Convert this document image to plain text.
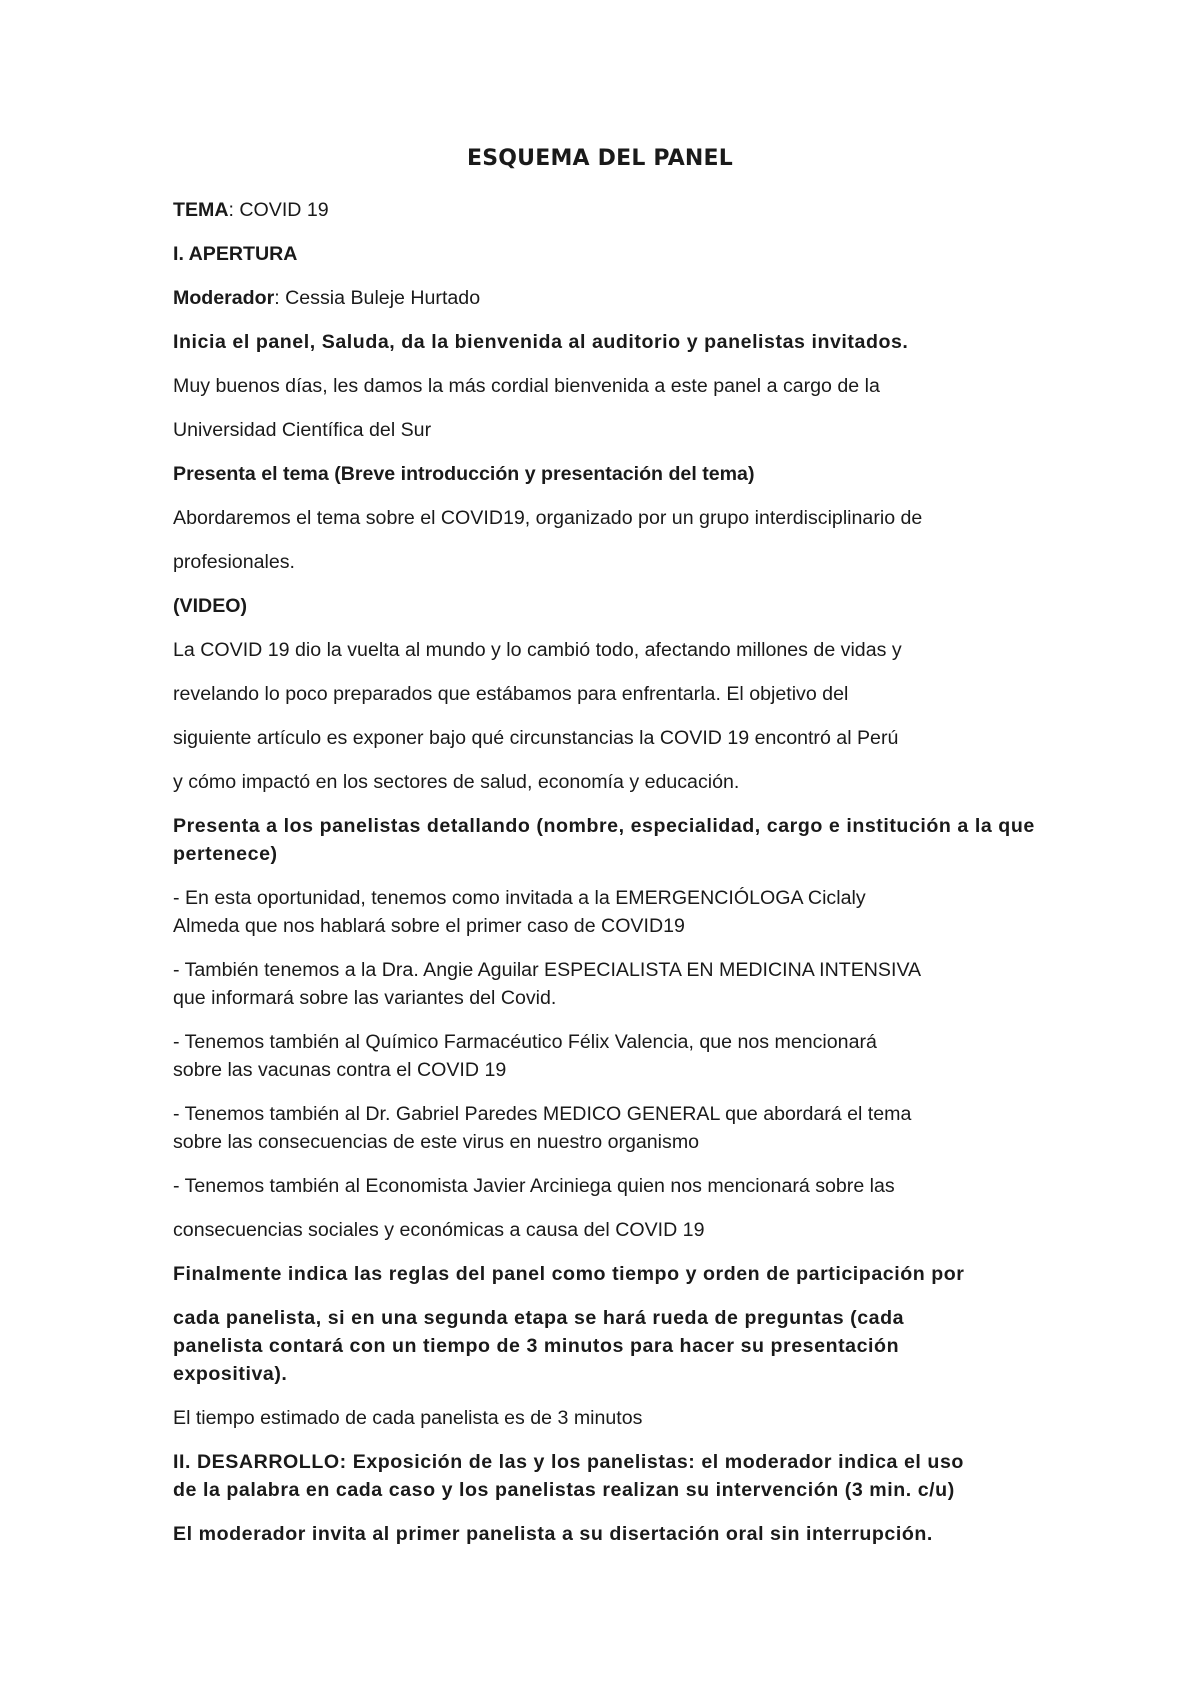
ESQUEMA DEL PANEL

TEMA: COVID 19

I. APERTURA

Moderador: Cessia Buleje Hurtado

Inicia el panel, Saluda, da la bienvenida al auditorio y panelistas invitados.

Muy buenos días, les damos la más cordial bienvenida a este panel a cargo de la

Universidad Científica del Sur

Presenta el tema (Breve introducción y presentación del tema)

Abordaremos el tema sobre el COVID19, organizado por un grupo interdisciplinario de

profesionales.

(VIDEO)

La COVID 19 dio la vuelta al mundo y lo cambió todo, afectando millones de vidas y

revelando lo poco preparados que estábamos para enfrentarla. El objetivo del

siguiente artículo es exponer bajo qué circunstancias la COVID 19 encontró al Perú

y cómo impactó en los sectores de salud, economía y educación.

Presenta a los panelistas detallando (nombre, especialidad, cargo e institución a la que pertenece)

- En esta oportunidad, tenemos como invitada a la EMERGENCIÓLOGA Ciclaly

Almeda que nos hablará sobre el primer caso de COVID19

- También tenemos a la Dra. Angie Aguilar ESPECIALISTA EN MEDICINA INTENSIVA

que informará sobre las variantes del Covid.

- Tenemos también al Químico Farmacéutico Félix Valencia, que nos mencionará

sobre las vacunas contra el COVID 19

- Tenemos también al Dr. Gabriel Paredes MEDICO GENERAL que abordará el tema

sobre las consecuencias de este virus en nuestro organismo

- Tenemos también al Economista Javier Arciniega quien nos mencionará sobre las

consecuencias sociales y económicas a causa del COVID 19

Finalmente indica las reglas del panel como tiempo y orden de participación por

cada panelista, si en una segunda etapa se hará rueda de preguntas (cada

panelista contará con un tiempo de 3 minutos para hacer su presentación

expositiva).

El tiempo estimado de cada panelista es de 3 minutos

II. DESARROLLO: Exposición de las y los panelistas: el moderador indica el uso

de la palabra en cada caso y los panelistas realizan su intervención (3 min. c/u)

El moderador invita al primer panelista a su disertación oral sin interrupción.
